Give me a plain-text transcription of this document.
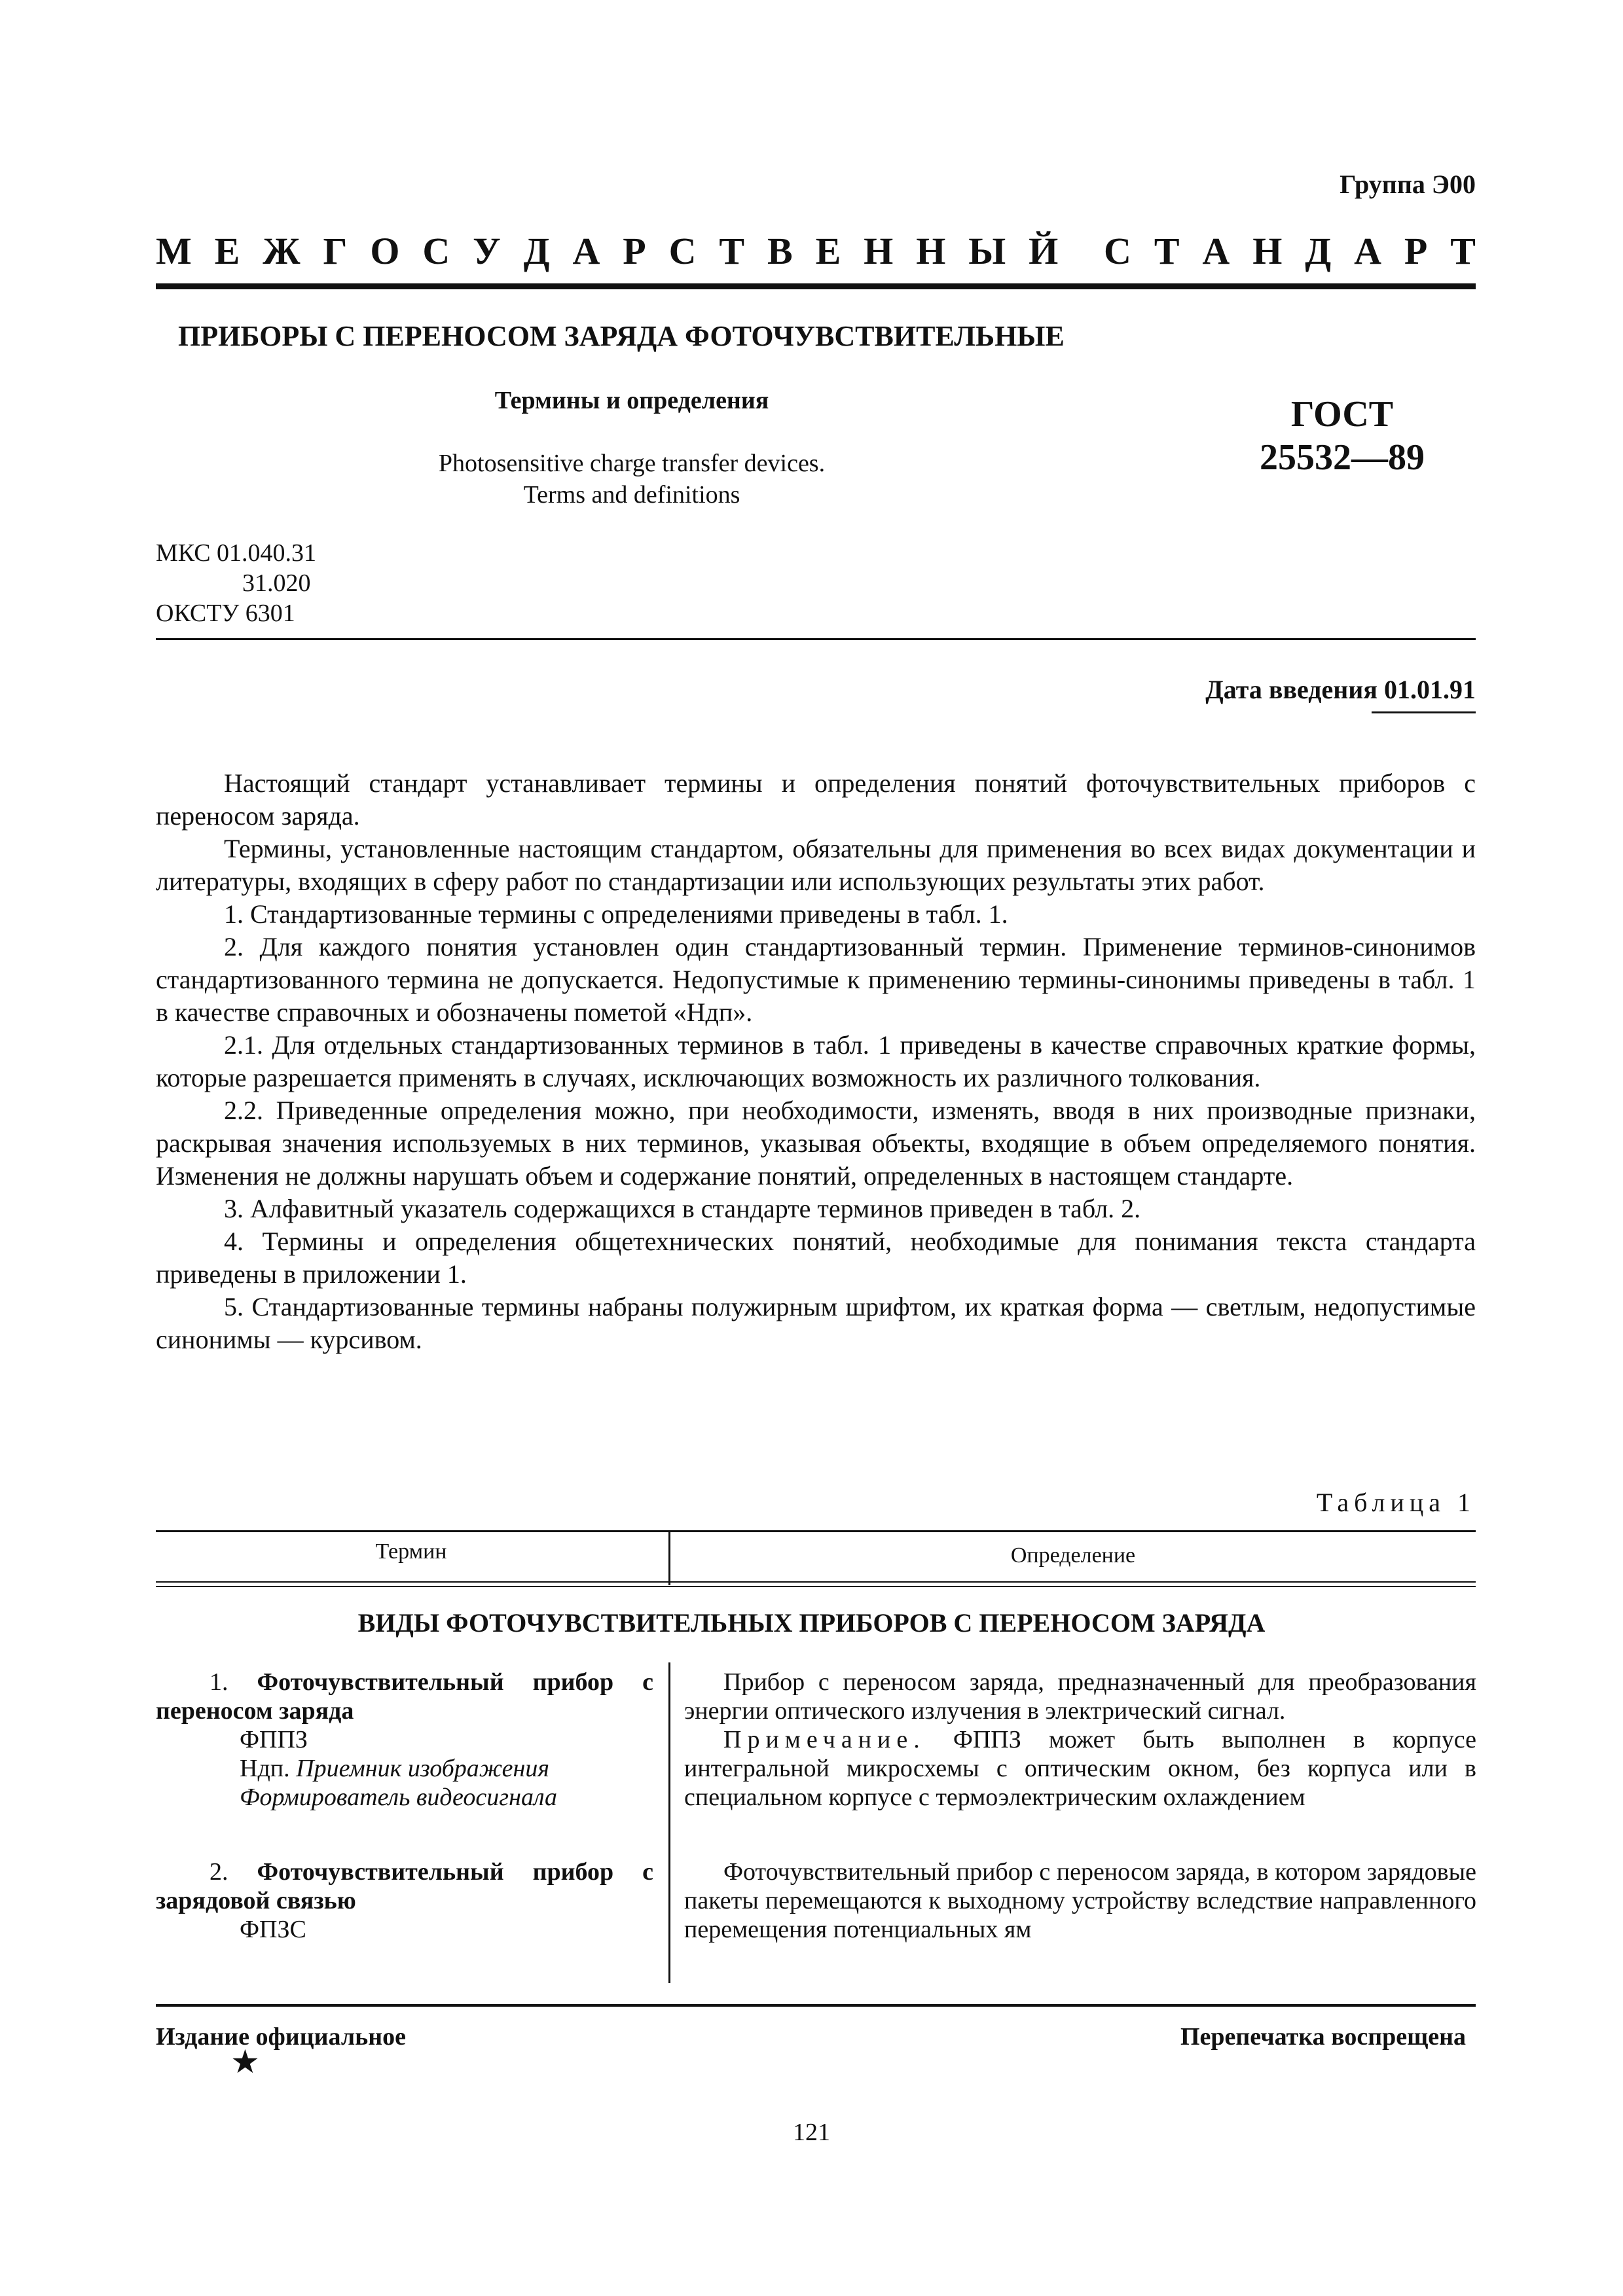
Группа Э00
М Е Ж Г О С У Д А Р С Т В Е Н Н Ы Й С Т А Н Д А Р Т
ПРИБОРЫ С ПЕРЕНОСОМ ЗАРЯДА ФОТОЧУВСТВИТЕЛЬНЫЕ
Термины и определения
Photosensitive charge transfer devices.
Terms and definitions
ГОСТ
25532—89
МКС 01.040.31
31.020
ОКСТУ 6301
Дата введения 01.01.91

Настоящий стандарт устанавливает термины и определения понятий фоточувствительных приборов с переносом заряда.

Термины, установленные настоящим стандартом, обязательны для применения во всех видах документации и литературы, входящих в сферу работ по стандартизации или использующих результаты этих работ.

1. Стандартизованные термины с определениями приведены в табл. 1.

2. Для каждого понятия установлен один стандартизованный термин. Применение терминов-синонимов стандартизованного термина не допускается. Недопустимые к применению термины-синонимы приведены в табл. 1 в качестве справочных и обозначены пометой «Ндп».

2.1. Для отдельных стандартизованных терминов в табл. 1 приведены в качестве справочных краткие формы, которые разрешается применять в случаях, исключающих возможность их различного толкования.

2.2. Приведенные определения можно, при необходимости, изменять, вводя в них производные признаки, раскрывая значения используемых в них терминов, указывая объекты, входящие в объем определяемого понятия. Изменения не должны нарушать объем и содержание понятий, определенных в настоящем стандарте.

3. Алфавитный указатель содержащихся в стандарте терминов приведен в табл. 2.

4. Термины и определения общетехнических понятий, необходимые для понимания текста стандарта приведены в приложении 1.

5. Стандартизованные термины набраны полужирным шрифтом, их краткая форма — светлым, недопустимые синонимы — курсивом.

Таблица 1
Термин	Определение
ВИДЫ ФОТОЧУВСТВИТЕЛЬНЫХ ПРИБОРОВ С ПЕРЕНОСОМ ЗАРЯДА
1. Фоточувствительный прибор с переносом заряда
ФППЗ
Ндп. Приемник изображения
Формирователь видеосигнала

Прибор с переносом заряда, предназначенный для преобразования энергии оптического излучения в электрический сигнал.

Примечание. ФППЗ может быть выполнен в корпусе интегральной микросхемы с оптическим окном, без корпуса или в специальном корпусе с термоэлектрическим охлаждением

2. Фоточувствительный прибор с зарядовой связью
ФПЗС

Фоточувствительный прибор с переносом заряда, в котором зарядовые пакеты перемещаются к выходному устройству вследствие направленного перемещения потенциальных ям

Издание официальное	Перепечатка воспрещена
★
121
